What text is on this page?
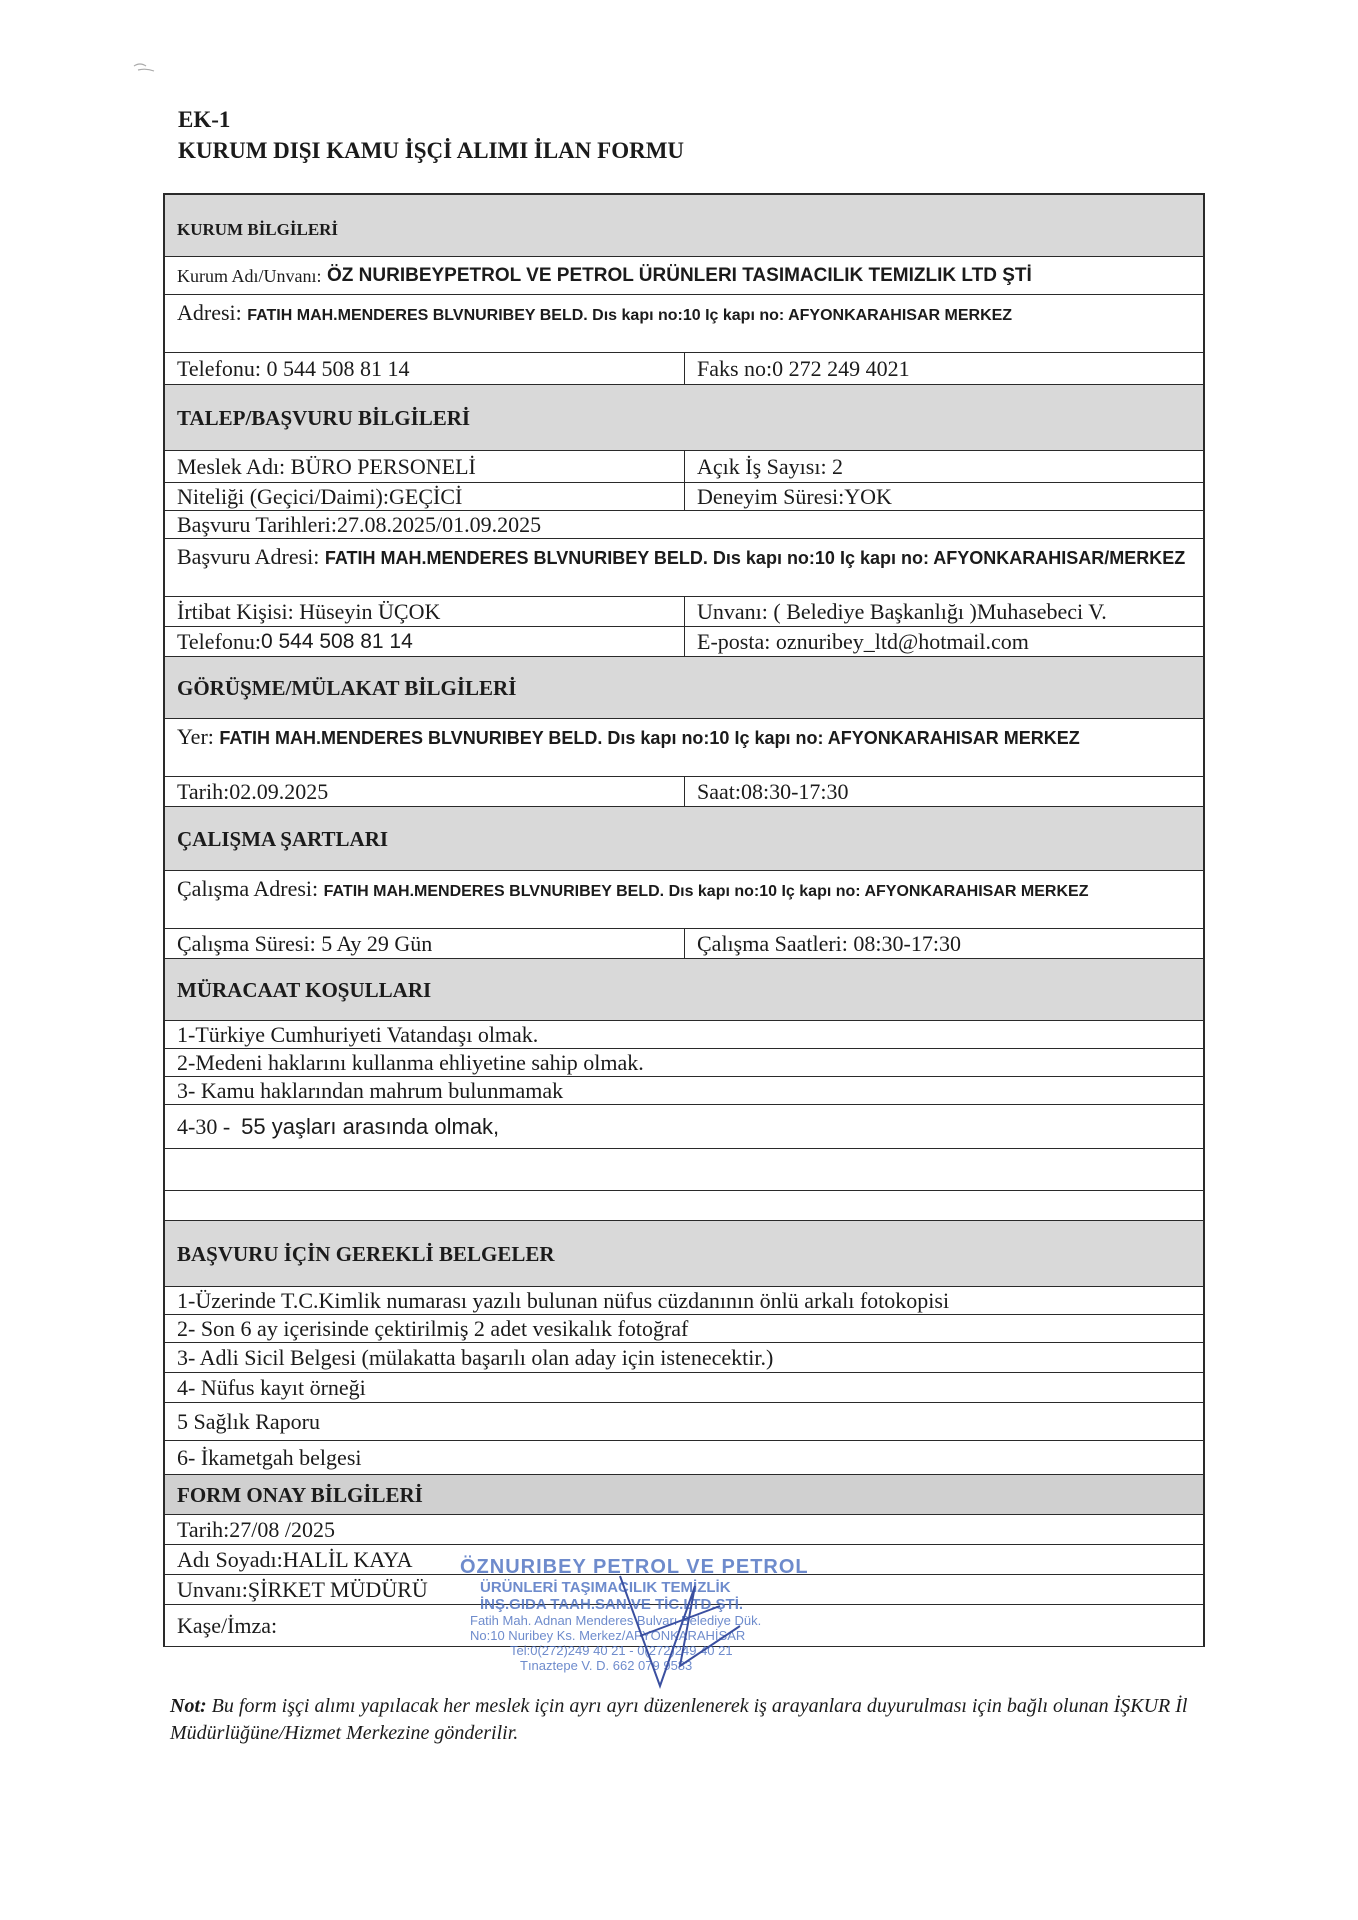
EK-1
KURUM DIŞI KAMU İŞÇİ ALIMI İLAN FORMU
KURUM BİLGİLERİ
Kurum Adı/Unvanı:
ÖZ NURIBEYPETROL VE PETROL ÜRÜNLERI TASIMACILIK TEMIZLIK LTD ŞTİ
Adresi: FATIH MAH.MENDERES BLVNURIBEY BELD. Dıs kapı no:10 Iç kapı no: AFYONKARAHISAR MERKEZ
Telefonu: 0 544 508 81 14	Faks no:0 272 249 4021
TALEP/BAŞVURU BİLGİLERİ
Meslek Adı: BÜRO PERSONELİ	Açık İş Sayısı: 2
Niteliği (Geçici/Daimi):GEÇİCİ	Deneyim Süresi:YOK
Başvuru Tarihleri:27.08.2025/01.09.2025
Başvuru Adresi: FATIH MAH.MENDERES BLVNURIBEY BELD. Dıs kapı no:10 Iç kapı no: AFYONKARAHISAR/MERKEZ
İrtibat Kişisi: Hüseyin ÜÇOK	Unvanı: ( Belediye Başkanlığı )Muhasebeci V.
Telefonu: 0 544 508 81 14	E-posta: oznuribey_ltd@hotmail.com
GÖRÜŞME/MÜLAKAT BİLGİLERİ
Yer: FATIH MAH.MENDERES BLVNURIBEY BELD. Dıs kapı no:10 Iç kapı no: AFYONKARAHISAR MERKEZ
Tarih:02.09.2025	Saat:08:30-17:30
ÇALIŞMA ŞARTLARI
Çalışma Adresi: FATIH MAH.MENDERES BLVNURIBEY BELD. Dıs kapı no:10 Iç kapı no: AFYONKARAHISAR MERKEZ
Çalışma Süresi: 5 Ay 29 Gün	Çalışma Saatleri: 08:30-17:30
MÜRACAAT KOŞULLARI
1-Türkiye Cumhuriyeti Vatandaşı olmak.
2-Medeni haklarını kullanma ehliyetine sahip olmak.
3- Kamu haklarından mahrum bulunmamak
4-30 -
55 yaşları arasında olmak,
BAŞVURU İÇİN GEREKLİ BELGELER
1-Üzerinde T.C.Kimlik numarası yazılı bulunan nüfus cüzdanının önlü arkalı fotokopisi
2- Son 6 ay içerisinde çektirilmiş 2 adet vesikalık fotoğraf
3- Adli Sicil Belgesi (mülakatta başarılı olan aday için istenecektir.)
4- Nüfus kayıt örneği
5 Sağlık Raporu
6- İkametgah belgesi
FORM ONAY BİLGİLERİ
Tarih:27/08 /2025
Adı Soyadı:HALİL KAYA
Unvanı:ŞİRKET MÜDÜRÜ
Kaşe/İmza:
ÖZNURIBEY PETROL VE PETROL
ÜRÜNLERİ TAŞIMACILIK TEMİZLİK
İNŞ.GIDA TAAH.SAN.VE TİC.LTD.ŞTİ.
Fatih Mah. Adnan Menderes Bulvarı Belediye Dük.
No:10 Nuribey Ks. Merkez/AFYONKARAHİSAR
Tel:0(272)249 40 21 - 0(272)249 40 21
Tınaztepe V. D. 662 079 9583
Not: Bu form işçi alımı yapılacak her meslek için ayrı ayrı düzenlenerek iş arayanlara duyurulması için bağlı olunan İŞKUR İl Müdürlüğüne/Hizmet Merkezine gönderilir.
